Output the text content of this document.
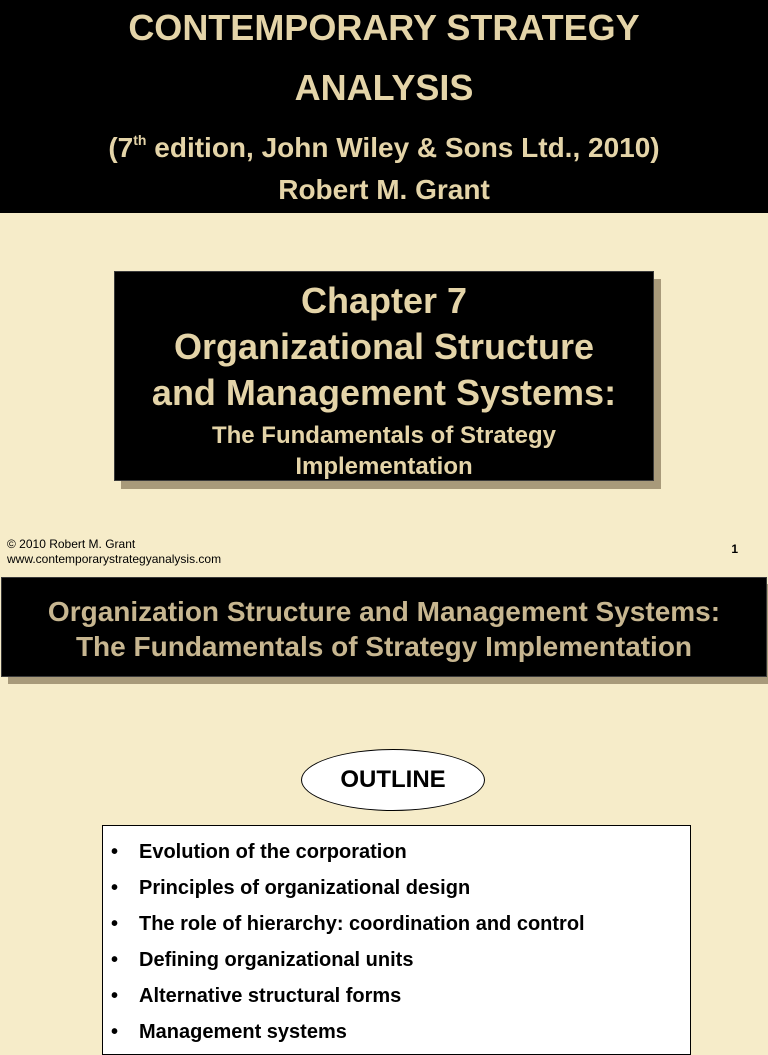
CONTEMPORARY STRATEGY
ANALYSIS
(7th edition, John Wiley & Sons Ltd., 2010)
Robert M. Grant
Chapter 7
Organizational Structure
and Management Systems:
The Fundamentals of Strategy
Implementation
© 2010 Robert M. Grant
www.contemporarystrategyanalysis.com
1
Organization Structure and Management Systems:
The Fundamentals of Strategy Implementation
OUTLINE
• Evolution of the corporation
• Principles of organizational design
• The role of hierarchy: coordination and control
• Defining organizational units
• Alternative structural forms
• Management systems
